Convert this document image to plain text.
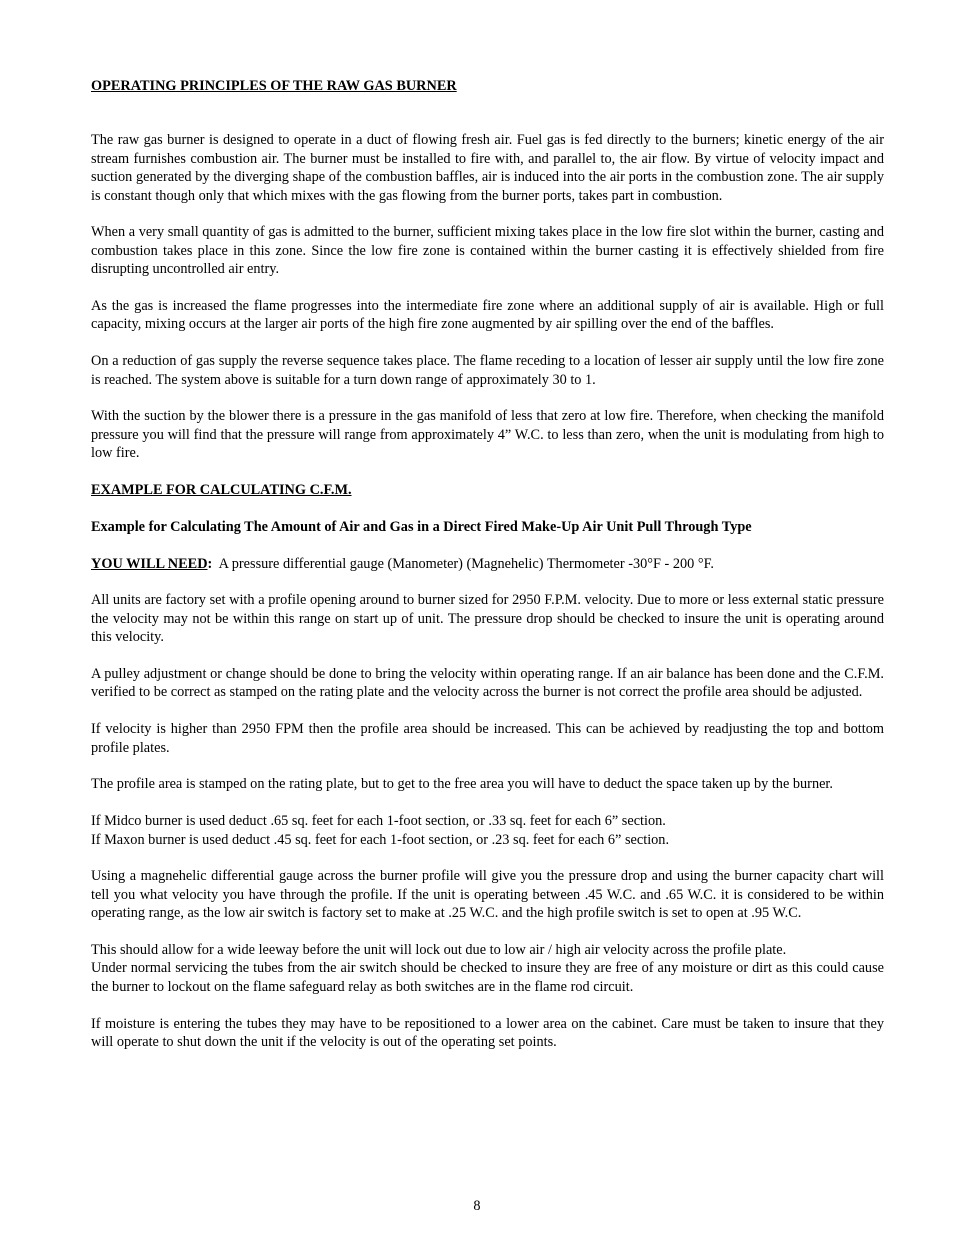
OPERATING PRINCIPLES OF THE RAW GAS BURNER

The raw gas burner is designed to operate in a duct of flowing fresh air. Fuel gas is fed directly to the burners; kinetic energy of the air stream furnishes combustion air. The burner must be installed to fire with, and parallel to, the air flow. By virtue of velocity impact and suction generated by the diverging shape of the combustion baffles, air is induced into the air ports in the combustion zone. The air supply is constant though only that which mixes with the gas flowing from the burner ports, takes part in combustion.

When a very small quantity of gas is admitted to the burner, sufficient mixing takes place in the low fire slot within the burner, casting and combustion takes place in this zone. Since the low fire zone is contained within the burner casting it is effectively shielded from fire disrupting uncontrolled air entry.

As the gas is increased the flame progresses into the intermediate fire zone where an additional supply of air is available. High or full capacity, mixing occurs at the larger air ports of the high fire zone augmented by air spilling over the end of the baffles.

On a reduction of gas supply the reverse sequence takes place. The flame receding to a location of lesser air supply until the low fire zone is reached. The system above is suitable for a turn down range of approximately 30 to 1.

With the suction by the blower there is a pressure in the gas manifold of less that zero at low fire. Therefore, when checking the manifold pressure you will find that the pressure will range from approximately 4” W.C. to less than zero, when the unit is modulating from high to low fire.

EXAMPLE FOR CALCULATING C.F.M.

Example for Calculating The Amount of Air and Gas in a Direct Fired Make-Up Air Unit Pull Through Type

YOU WILL NEED:  A pressure differential gauge (Manometer) (Magnehelic) Thermometer -30°F - 200 °F.

All units are factory set with a profile opening around to burner sized for 2950 F.P.M. velocity. Due to more or less external static pressure the velocity may not be within this range on start up of unit. The pressure drop should be checked to insure the unit is operating around this velocity.

A pulley adjustment or change should be done to bring the velocity within operating range. If an air balance has been done and the C.F.M. verified to be correct as stamped on the rating plate and the velocity across the burner is not correct the profile area should be adjusted.

If velocity is higher than 2950 FPM then the profile area should be increased. This can be achieved by readjusting the top and bottom profile plates.

The profile area is stamped on the rating plate, but to get to the free area you will have to deduct the space taken up by the burner.

If Midco burner is used deduct .65 sq. feet for each 1-foot section, or .33 sq. feet for each 6” section.
If Maxon burner is used deduct .45 sq. feet for each 1-foot section, or .23 sq. feet for each 6” section.

Using a magnehelic differential gauge across the burner profile will give you the pressure drop and using the burner capacity chart will tell you what velocity you have through the profile. If the unit is operating between .45 W.C. and .65 W.C. it is considered to be within operating range, as the low air switch is factory set to make at .25 W.C. and the high profile switch is set to open at .95 W.C.

This should allow for a wide leeway before the unit will lock out due to low air / high air velocity across the profile plate.
Under normal servicing the tubes from the air switch should be checked to insure they are free of any moisture or dirt as this could cause the burner to lockout on the flame safeguard relay as both switches are in the flame rod circuit.

If moisture is entering the tubes they may have to be repositioned to a lower area on the cabinet. Care must be taken to insure that they will operate to shut down the unit if the velocity is out of the operating set points.

8
